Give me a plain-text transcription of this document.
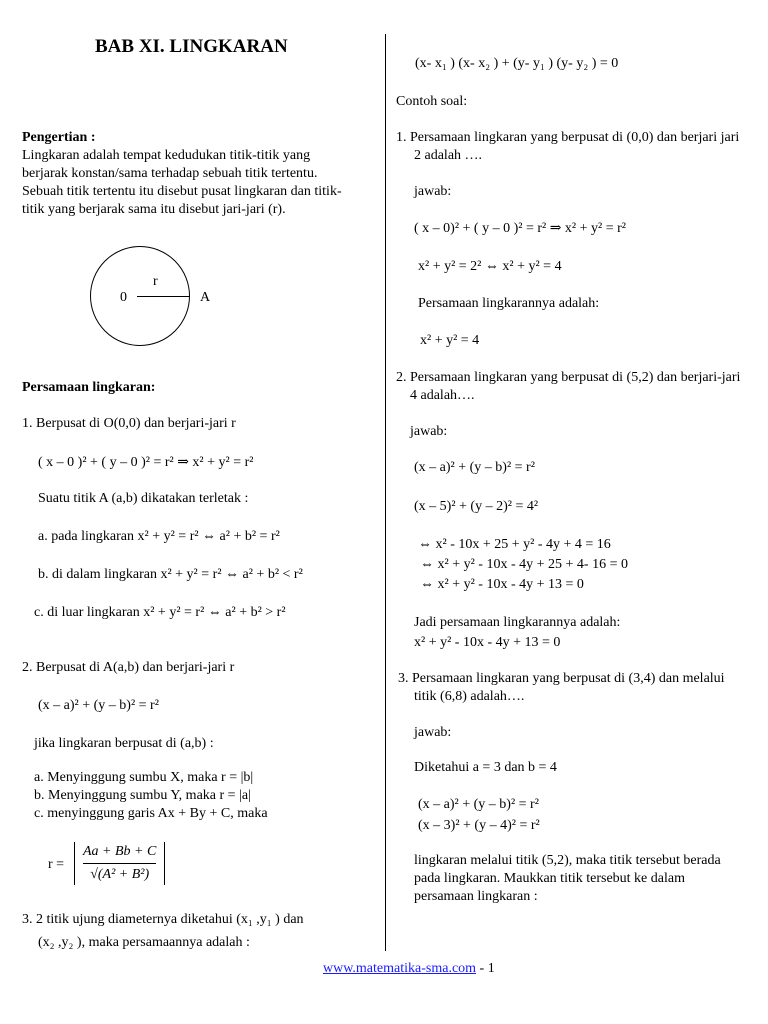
BAB XI. LINGKARAN
Pengertian :
Lingkaran adalah tempat kedudukan titik-titik yang
berjarak konstan/sama terhadap sebuah titik tertentu.
Sebuah titik tertentu itu disebut pusat lingkaran dan titik-
titik yang berjarak sama itu disebut jari-jari (r).
0
r
A
Persamaan lingkaran:
1. Berpusat di O(0,0) dan berjari-jari r
( x – 0 )² + ( y – 0 )² = r² ⇒ x² + y² = r²
Suatu titik A (a,b) dikatakan terletak :
a. pada lingkaran x² + y² = r² ⇔ a² + b² = r²
b. di dalam lingkaran x² + y² = r² ⇔ a² + b² < r²
c. di luar lingkaran x² + y² = r² ⇔ a² + b² > r²
2. Berpusat di A(a,b) dan berjari-jari r
(x – a)² + (y – b)² = r²
jika lingkaran berpusat di (a,b) :
a. Menyinggung sumbu X, maka r = |b|
b. Menyinggung sumbu Y, maka r = |a|
c. menyinggung garis Ax + By + C, maka
$r = \frac{Aa + Bb + C}{\text{√(A² + B²)}}$
3. 2 titik ujung diameternya diketahui (x₁ ,y₁ ) dan
(x₂ ,y₂ ), maka persamaannya adalah :
(x- x₁ ) (x- x₂ ) + (y- y₁ ) (y- y₂ ) = 0
Contoh soal:
1. Persamaan lingkaran yang berpusat di (0,0) dan berjari jari
2 adalah ….
jawab:
( x – 0)² + ( y – 0 )² = r² ⇒ x² + y² = r²
x² + y² = 2² ⇔ x² + y² = 4
Persamaan lingkarannya adalah:
x² + y² = 4
2. Persamaan lingkaran yang berpusat di (5,2) dan berjari-jari
4 adalah….
jawab:
(x – a)² + (y – b)² = r²
(x – 5)² + (y – 2)² = 4²
⇔ x² - 10x + 25 + y² - 4y + 4 = 16
⇔ x² + y² - 10x - 4y + 25 + 4- 16 = 0
⇔ x² + y² - 10x - 4y + 13 = 0
Jadi persamaan lingkarannya adalah:
x² + y² - 10x - 4y + 13 = 0
3. Persamaan lingkaran yang berpusat di (3,4) dan melalui
titik (6,8) adalah….
jawab:
Diketahui a = 3 dan b = 4
(x – a)² + (y – b)² = r²
(x – 3)² + (y – 4)² = r²
lingkaran melalui titik (5,2), maka titik tersebut berada
pada lingkaran. Maukkan titik tersebut ke dalam
persamaan lingkaran :
www.matematika-sma.com - 1
